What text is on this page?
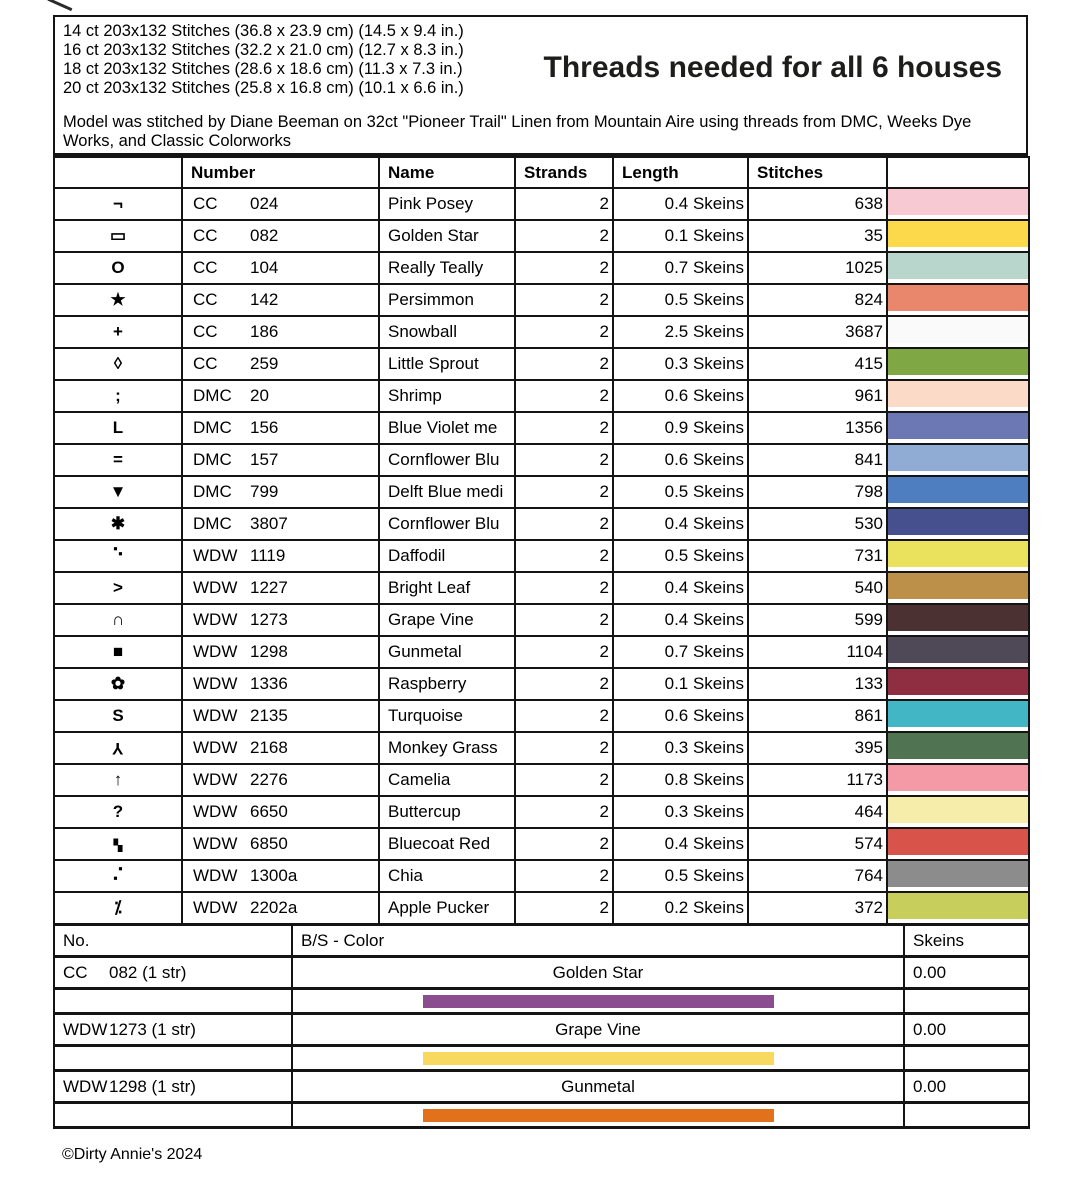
14 ct 203x132 Stitches (36.8 x 23.9 cm) (14.5 x 9.4 in.)
16 ct 203x132 Stitches (32.2 x 21.0 cm) (12.7 x 8.3 in.)
18 ct 203x132 Stitches (28.6 x 18.6 cm) (11.3 x 7.3 in.)
20 ct 203x132 Stitches (25.8 x 16.8 cm) (10.1 x 6.6 in.)
Model was stitched by Diane Beeman on 32ct "Pioneer Trail" Linen from Mountain Aire using threads from DMC, Weeks Dye Works, and Classic Colorworks
Threads needed for all 6 houses
	Number	Name	Strands	Length	Stitches	
¬	CC 024	Pink Posey	2	0.4 Skeins	638	

▭	CC 082	Golden Star	2	0.1 Skeins	35	

O	CC 104	Really Teally	2	0.7 Skeins	1025	

★	CC 142	Persimmon	2	0.5 Skeins	824	

+	CC 186	Snowball	2	2.5 Skeins	3687	

◊	CC 259	Little Sprout	2	0.3 Skeins	415	

;	DMC 20	Shrimp	2	0.6 Skeins	961	

L	DMC 156	Blue Violet me	2	0.9 Skeins	1356	

=	DMC 157	Cornflower Blu	2	0.6 Skeins	841	

▼	DMC 799	Delft Blue medi	2	0.5 Skeins	798	

✱	DMC 3807	Cornflower Blu	2	0.4 Skeins	530	

⠑	WDW 1119	Daffodil	2	0.5 Skeins	731	

>	WDW 1227	Bright Leaf	2	0.4 Skeins	540	

∩	WDW 1273	Grape Vine	2	0.4 Skeins	599	

■	WDW 1298	Gunmetal	2	0.7 Skeins	1104	

✿	WDW 1336	Raspberry	2	0.1 Skeins	133	

S	WDW 2135	Turquoise	2	0.6 Skeins	861	

Y	WDW 2168	Monkey Grass	2	0.3 Skeins	395	

↑	WDW 2276	Camelia	2	0.8 Skeins	1173	

?	WDW 6650	Buttercup	2	0.3 Skeins	464	

▚	WDW 6850	Bluecoat Red	2	0.4 Skeins	574	

⠌	WDW 1300a	Chia	2	0.5 Skeins	764	

⁒	WDW 2202a	Apple Pucker	2	0.2 Skeins	372	
No.	B/S - Color	Skeins
CC 082 (1 str)	Golden Star	0.00

WDW1273 (1 str)	Grape Vine	0.00

WDW1298 (1 str)	Gunmetal	0.00

©Dirty Annie's 2024
